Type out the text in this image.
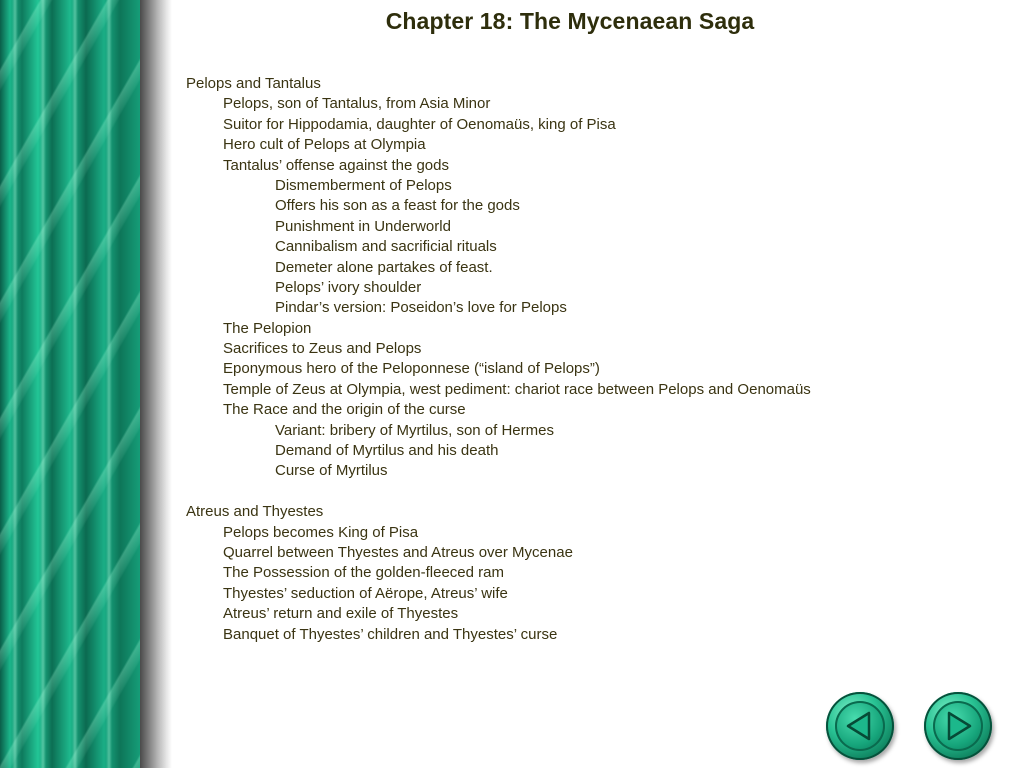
Chapter 18: The Mycenaean Saga
Pelops and Tantalus
Pelops, son of Tantalus, from Asia Minor
Suitor for Hippodamia, daughter of Oenomaüs, king of Pisa
Hero cult of Pelops at Olympia
Tantalus’ offense against the gods
Dismemberment of Pelops
Offers his son as a feast for the gods
Punishment in Underworld
Cannibalism and sacrificial rituals
Demeter alone partakes of feast.
Pelops’ ivory shoulder
Pindar’s version: Poseidon’s love for Pelops
The Pelopion
Sacrifices to Zeus and Pelops
Eponymous hero of the Peloponnese (“island of Pelops”)
Temple of Zeus at Olympia, west pediment: chariot race between Pelops and Oenomaüs
The Race and the origin of the curse
Variant: bribery of Myrtilus, son of Hermes
Demand of Myrtilus and his death
Curse of Myrtilus
Atreus and Thyestes
Pelops becomes King of Pisa
Quarrel between Thyestes and Atreus over Mycenae
The Possession of the golden-fleeced ram
Thyestes’ seduction of Aërope, Atreus’ wife
Atreus’ return and exile of Thyestes
Banquet of Thyestes’ children and Thyestes’ curse
